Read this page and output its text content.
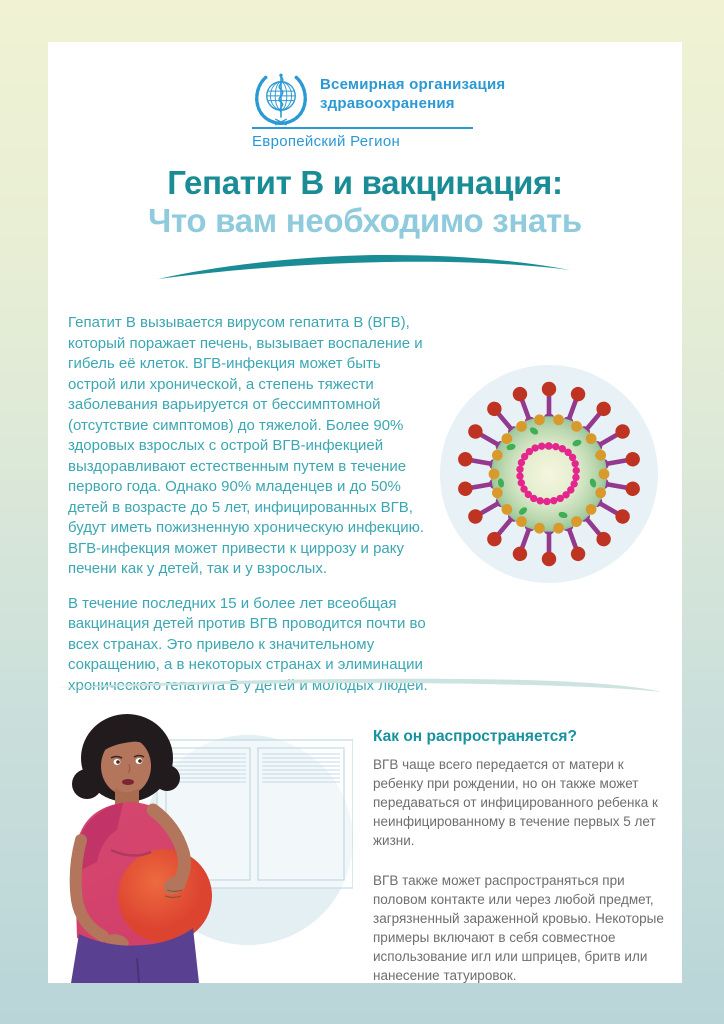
Всемирная организация
здравоохранения
Европейский Регион
Гепатит В и вакцинация:
Что вам необходимо знать

Гепатит В вызывается вирусом гепатита В (ВГВ), который поражает печень, вызывает воспаление и гибель её клеток. ВГВ-инфекция может быть острой или хронической, а степень тяжести заболевания варьируется от бессимптомной (отсутствие симптомов) до тяжелой. Более 90% здоровых взрослых с острой ВГВ-инфекцией выздоравливают естественным путем в течение первого года. Однако 90% младенцев и до 50% детей в возрасте до 5 лет, инфицированных ВГВ, будут иметь пожизненную хроническую инфекцию. ВГВ-инфекция может привести к циррозу и раку печени как у детей, так и у взрослых.

В течение последних 15 и более лет всеобщая вакцинация детей против ВГВ проводится почти во всех странах. Это привело к значительному сокращению, а в некоторых странах и элиминации хронического гепатита В у детей и молодых людей.

Как он распространяется?

ВГВ чаще всего передается от матери к ребенку при рождении, но он также может передаваться от инфицированного ребенка к неинфицированному в течение первых 5 лет жизни.

ВГВ также может распространяться при половом контакте или через любой предмет, загрязненный зараженной кровью. Некоторые примеры включают в себя совместное использование игл или шприцев, бритв или нанесение татуировок.
